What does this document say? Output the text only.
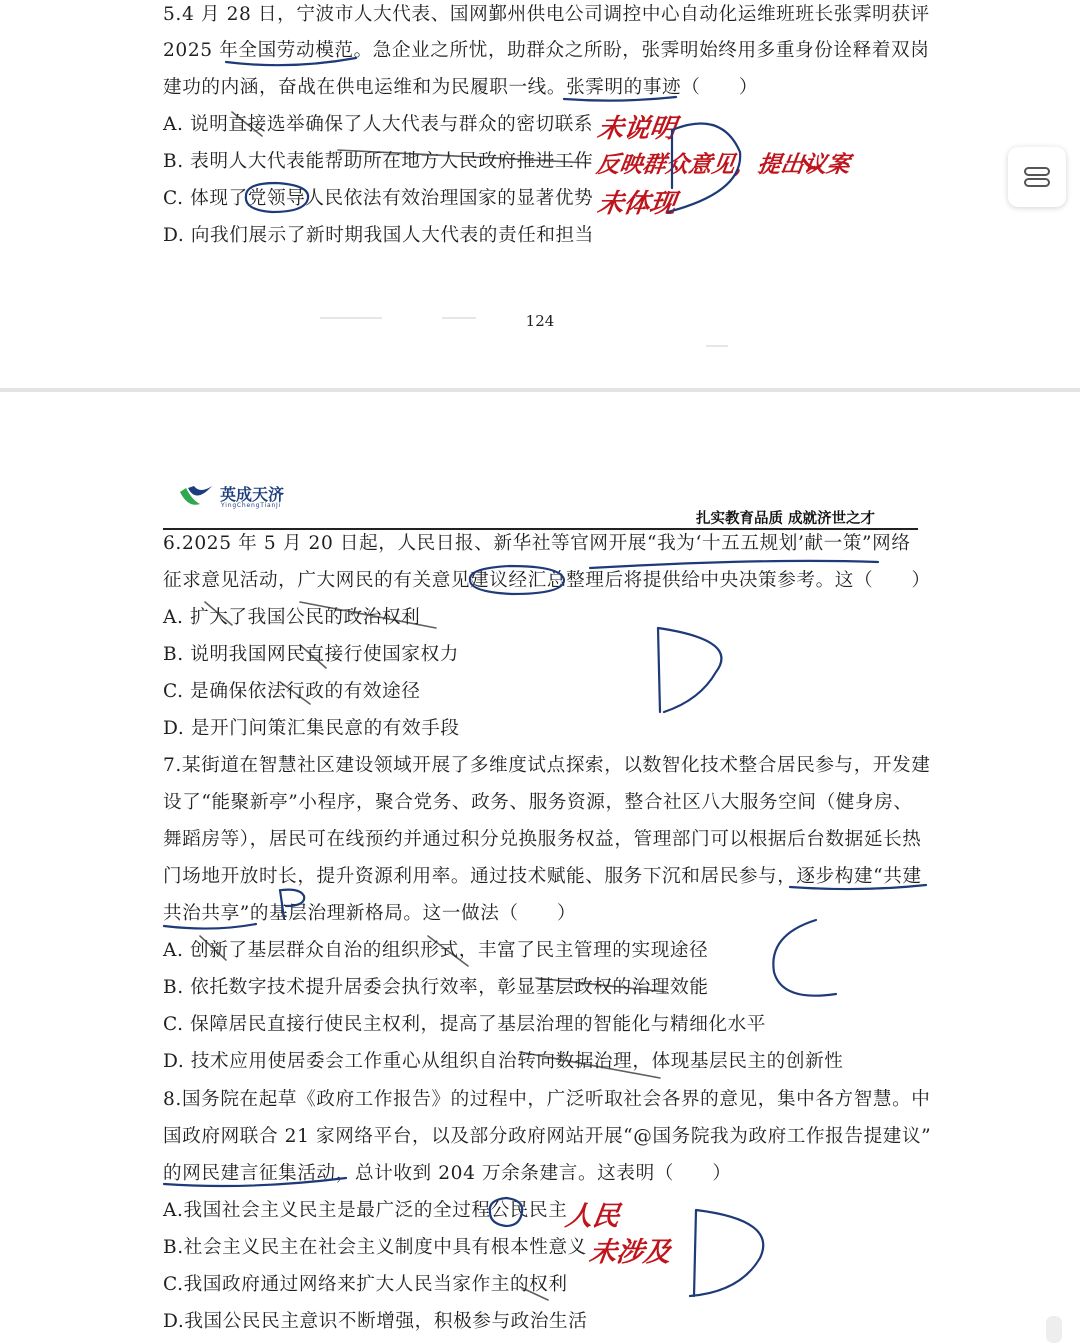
5.4 月 28 日，宁波市人大代表、国网鄞州供电公司调控中心自动化运维班班长张霁明获评
2025 年全国劳动模范。急企业之所忧，助群众之所盼，张霁明始终用多重身份诠释着双岗
建功的内涵，奋战在供电运维和为民履职一线。张霁明的事迹（　　）
A. 说明直接选举确保了人大代表与群众的密切联系
B. 表明人大代表能帮助所在地方人民政府推进工作
C. 体现了党领导人民依法有效治理国家的显著优势
D. 向我们展示了新时期我国人大代表的责任和担当
124
英成天济
YingChengTianJi
扎实教育品质 成就济世之才
6.2025 年 5 月 20 日起，人民日报、新华社等官网开展“我为‘十五五规划’献一策”网络
征求意见活动，广大网民的有关意见建议经汇总整理后将提供给中央决策参考。这（　　）
A. 扩大了我国公民的政治权利
B. 说明我国网民直接行使国家权力
C. 是确保依法行政的有效途径
D. 是开门问策汇集民意的有效手段
7.某街道在智慧社区建设领域开展了多维度试点探索，以数智化技术整合居民参与，开发建
设了“能聚新亭”小程序，聚合党务、政务、服务资源，整合社区八大服务空间（健身房、
舞蹈房等），居民可在线预约并通过积分兑换服务权益，管理部门可以根据后台数据延长热
门场地开放时长，提升资源利用率。通过技术赋能、服务下沉和居民参与，逐步构建“共建
共治共享”的基层治理新格局。这一做法（　　）
A. 创新了基层群众自治的组织形式，丰富了民主管理的实现途径
B. 依托数字技术提升居委会执行效率，彰显基层政权的治理效能
C. 保障居民直接行使民主权利，提高了基层治理的智能化与精细化水平
D. 技术应用使居委会工作重心从组织自治转向数据治理，体现基层民主的创新性
8.国务院在起草《政府工作报告》的过程中，广泛听取社会各界的意见，集中各方智慧。中
国政府网联合 21 家网络平台，以及部分政府网站开展“@国务院我为政府工作报告提建议”
的网民建言征集活动，总计收到 204 万余条建言。这表明（　　）
A.我国社会主义民主是最广泛的全过程公民民主
B.社会主义民主在社会主义制度中具有根本性意义
C.我国政府通过网络来扩大人民当家作主的权利
D.我国公民民主意识不断增强，积极参与政治生活
未说明
反映群众意见，提出议案
未体现
人民
未涉及
